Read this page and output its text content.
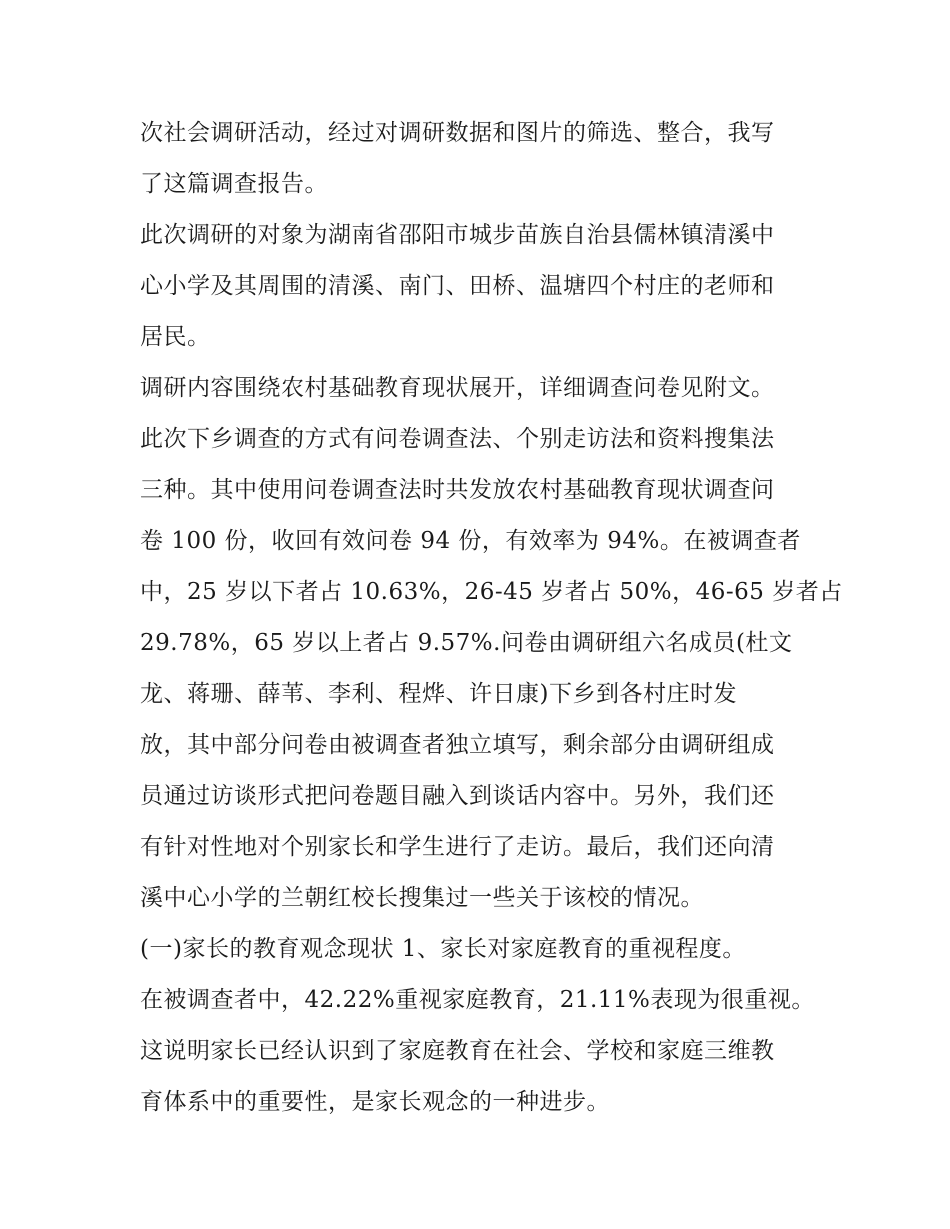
次社会调研活动，经过对调研数据和图片的筛选、整合，我写
了这篇调查报告。
此次调研的对象为湖南省邵阳市城步苗族自治县儒林镇清溪中
心小学及其周围的清溪、南门、田桥、温塘四个村庄的老师和
居民。
调研内容围绕农村基础教育现状展开，详细调查问卷见附文。
此次下乡调查的方式有问卷调查法、个别走访法和资料搜集法
三种。其中使用问卷调查法时共发放农村基础教育现状调查问
卷 100 份，收回有效问卷 94 份，有效率为 94%。在被调查者
中，25 岁以下者占 10.63%，26-45 岁者占 50%，46-65 岁者占
29.78%，65 岁以上者占 9.57%.问卷由调研组六名成员(杜文
龙、蒋珊、薛苇、李利、程烨、许日康)下乡到各村庄时发
放，其中部分问卷由被调查者独立填写，剩余部分由调研组成
员通过访谈形式把问卷题目融入到谈话内容中。另外，我们还
有针对性地对个别家长和学生进行了走访。最后，我们还向清
溪中心小学的兰朝红校长搜集过一些关于该校的情况。
(一)家长的教育观念现状 1、家长对家庭教育的重视程度。
在被调查者中，42.22%重视家庭教育，21.11%表现为很重视。
这说明家长已经认识到了家庭教育在社会、学校和家庭三维教
育体系中的重要性，是家长观念的一种进步。
